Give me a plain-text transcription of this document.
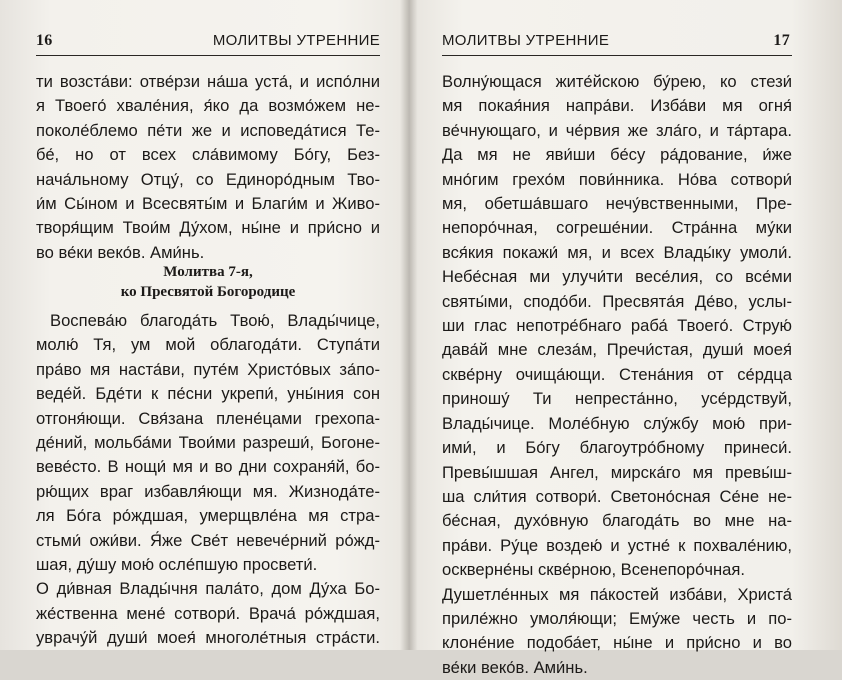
16	МОЛИТВЫ УТРЕННИЕ
ти возста́ви: отве́рзи на́ша уста́, и испо́лни
я Твоего́ хвале́ния, я́ко да возмо́жем не-
поколе́блемо пе́ти же и исповеда́тися Те-
бе́, но от всех сла́вимому Бо́гу, Без-
нача́льному Отцу́, со Единоро́дным Тво-
и́м Сы́ном и Всесвяты́м и Благи́м и Живо-
творя́щим Твои́м Ду́хом, ны́не и при́сно и
во ве́ки веко́в. Ами́нь.
Молитва 7-я,
ко Пресвятой Богородице
Воспева́ю благода́ть Твою́, Влады́чице,
молю́ Тя, ум мой облагода́ти. Ступа́ти
пра́во мя наста́ви, путе́м Христо́вых за́по-
веде́й. Бде́ти к пе́сни укрепи́, уны́ния сон
отгоня́ющи. Свя́зана плене́цами грехопа-
де́ний, мольба́ми Твои́ми разреши́, Богоне-
веве́сто. В нощи́ мя и во дни сохраня́й, бо-
рю́щих враг избавля́ющи мя. Жизнода́те-
ля Бо́га ро́ждшая, умерщвле́на мя стра-
стьми́ ожи́ви. Я́же Све́т невече́рний ро́жд-
шая, ду́шу мою́ осле́пшую просвети́.
О ди́вная Влады́чня пала́то, дом Ду́ха Бо-
же́ственна мене́ сотвори́. Врача́ ро́ждшая,
уврачу́й души́ моея́ многоле́тныя стра́сти.
МОЛИТВЫ УТРЕННИЕ	17
Волну́ющася жите́йскою бу́рею, ко стези́
мя покая́ния напра́ви. Изба́ви мя огня́
ве́чнующаго, и че́рвия же зла́го, и та́ртара.
Да мя не яви́ши бе́су ра́дование, и́же
мно́гим грехо́м пови́нника. Но́ва сотвори́
мя, обетша́вшаго нечу́вственными, Пре-
непоро́чная, согреше́нии. Стра́нна му́ки
вся́кия покажи́ мя, и всех Влады́ку умоли́.
Небе́сная ми улучи́ти весе́лия, со все́ми
святы́ми, сподо́би. Пресвята́я Де́во, услы-
ши глас непотре́бнаго раба́ Твоего́. Струю́
дава́й мне слеза́м, Пречи́стая, души́ моея́
скве́рну очища́ющи. Стена́ния от се́рдца
приношу́ Ти непреста́нно, усе́рдствуй,
Влады́чице. Моле́бную слу́жбу мою́ при-
ими́, и Бо́гу благоутро́бному принеси́.
Превы́шшая Ангел, мирска́го мя превы́ш-
ша сли́тия сотвори́. Светоно́сная Се́не не-
бе́сная, духо́вную благода́ть во мне на-
пра́ви. Ру́це воздею́ и устне́ к похвале́нию,
оскверне́ны скве́рною, Всенепоро́чная.
Душетле́нных мя па́костей изба́ви, Христа́
приле́жно умоля́ющи; Ему́же честь и по-
клоне́ние подоба́ет, ны́не и при́сно и во
ве́ки веко́в. Ами́нь.
